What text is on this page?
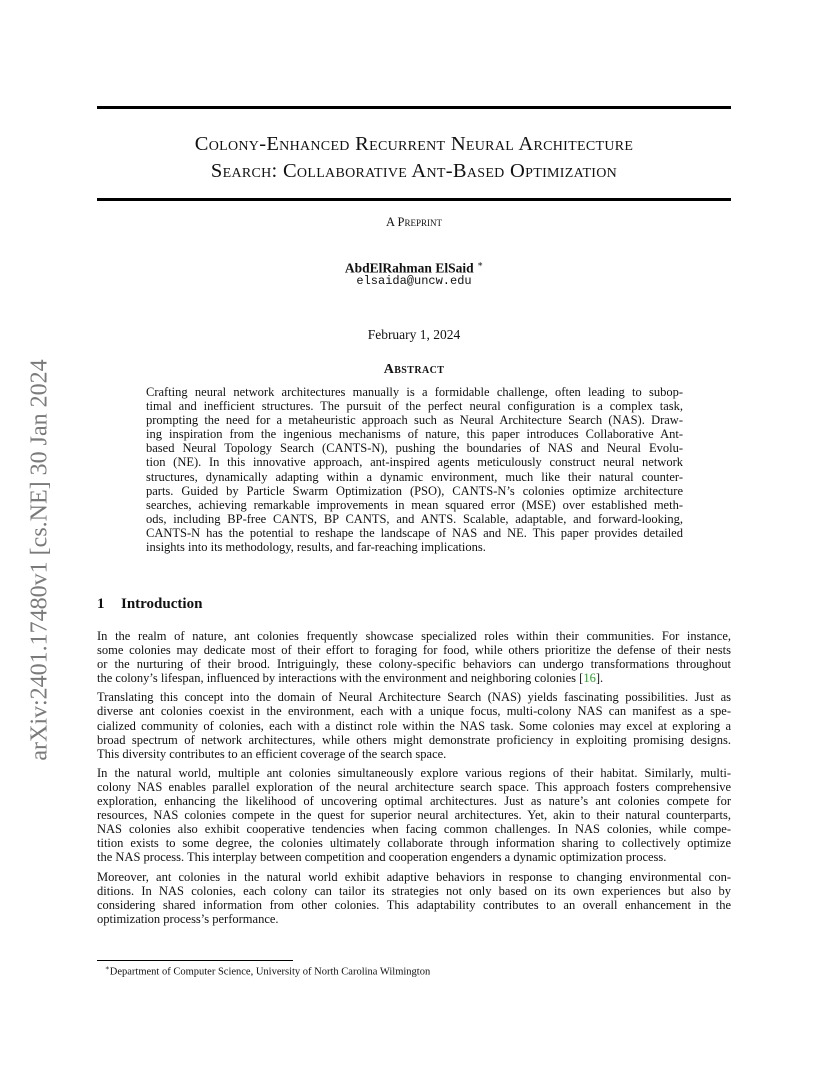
arXiv:2401.17480v1 [cs.NE] 30 Jan 2024
Colony-Enhanced Recurrent Neural Architecture
Search: Collaborative Ant-Based Optimization
A Preprint
AbdElRahman ElSaid ∗
elsaida@uncw.edu
February 1, 2024
Abstract
Crafting neural network architectures manually is a formidable challenge, often leading to subop-
timal and inefficient structures. The pursuit of the perfect neural configuration is a complex task,
prompting the need for a metaheuristic approach such as Neural Architecture Search (NAS). Draw-
ing inspiration from the ingenious mechanisms of nature, this paper introduces Collaborative Ant-
based Neural Topology Search (CANTS-N), pushing the boundaries of NAS and Neural Evolu-
tion (NE). In this innovative approach, ant-inspired agents meticulously construct neural network
structures, dynamically adapting within a dynamic environment, much like their natural counter-
parts. Guided by Particle Swarm Optimization (PSO), CANTS-N’s colonies optimize architecture
searches, achieving remarkable improvements in mean squared error (MSE) over established meth-
ods, including BP-free CANTS, BP CANTS, and ANTS. Scalable, adaptable, and forward-looking,
CANTS-N has the potential to reshape the landscape of NAS and NE. This paper provides detailed
insights into its methodology, results, and far-reaching implications.
1 Introduction
In the realm of nature, ant colonies frequently showcase specialized roles within their communities. For instance,
some colonies may dedicate most of their effort to foraging for food, while others prioritize the defense of their nests
or the nurturing of their brood. Intriguingly, these colony-specific behaviors can undergo transformations throughout
the colony’s lifespan, influenced by interactions with the environment and neighboring colonies [16].
Translating this concept into the domain of Neural Architecture Search (NAS) yields fascinating possibilities. Just as
diverse ant colonies coexist in the environment, each with a unique focus, multi-colony NAS can manifest as a spe-
cialized community of colonies, each with a distinct role within the NAS task. Some colonies may excel at exploring a
broad spectrum of network architectures, while others might demonstrate proficiency in exploiting promising designs.
This diversity contributes to an efficient coverage of the search space.
In the natural world, multiple ant colonies simultaneously explore various regions of their habitat. Similarly, multi-
colony NAS enables parallel exploration of the neural architecture search space. This approach fosters comprehensive
exploration, enhancing the likelihood of uncovering optimal architectures. Just as nature’s ant colonies compete for
resources, NAS colonies compete in the quest for superior neural architectures. Yet, akin to their natural counterparts,
NAS colonies also exhibit cooperative tendencies when facing common challenges. In NAS colonies, while compe-
tition exists to some degree, the colonies ultimately collaborate through information sharing to collectively optimize
the NAS process. This interplay between competition and cooperation engenders a dynamic optimization process.
Moreover, ant colonies in the natural world exhibit adaptive behaviors in response to changing environmental con-
ditions. In NAS colonies, each colony can tailor its strategies not only based on its own experiences but also by
considering shared information from other colonies. This adaptability contributes to an overall enhancement in the
optimization process’s performance.
∗Department of Computer Science, University of North Carolina Wilmington
